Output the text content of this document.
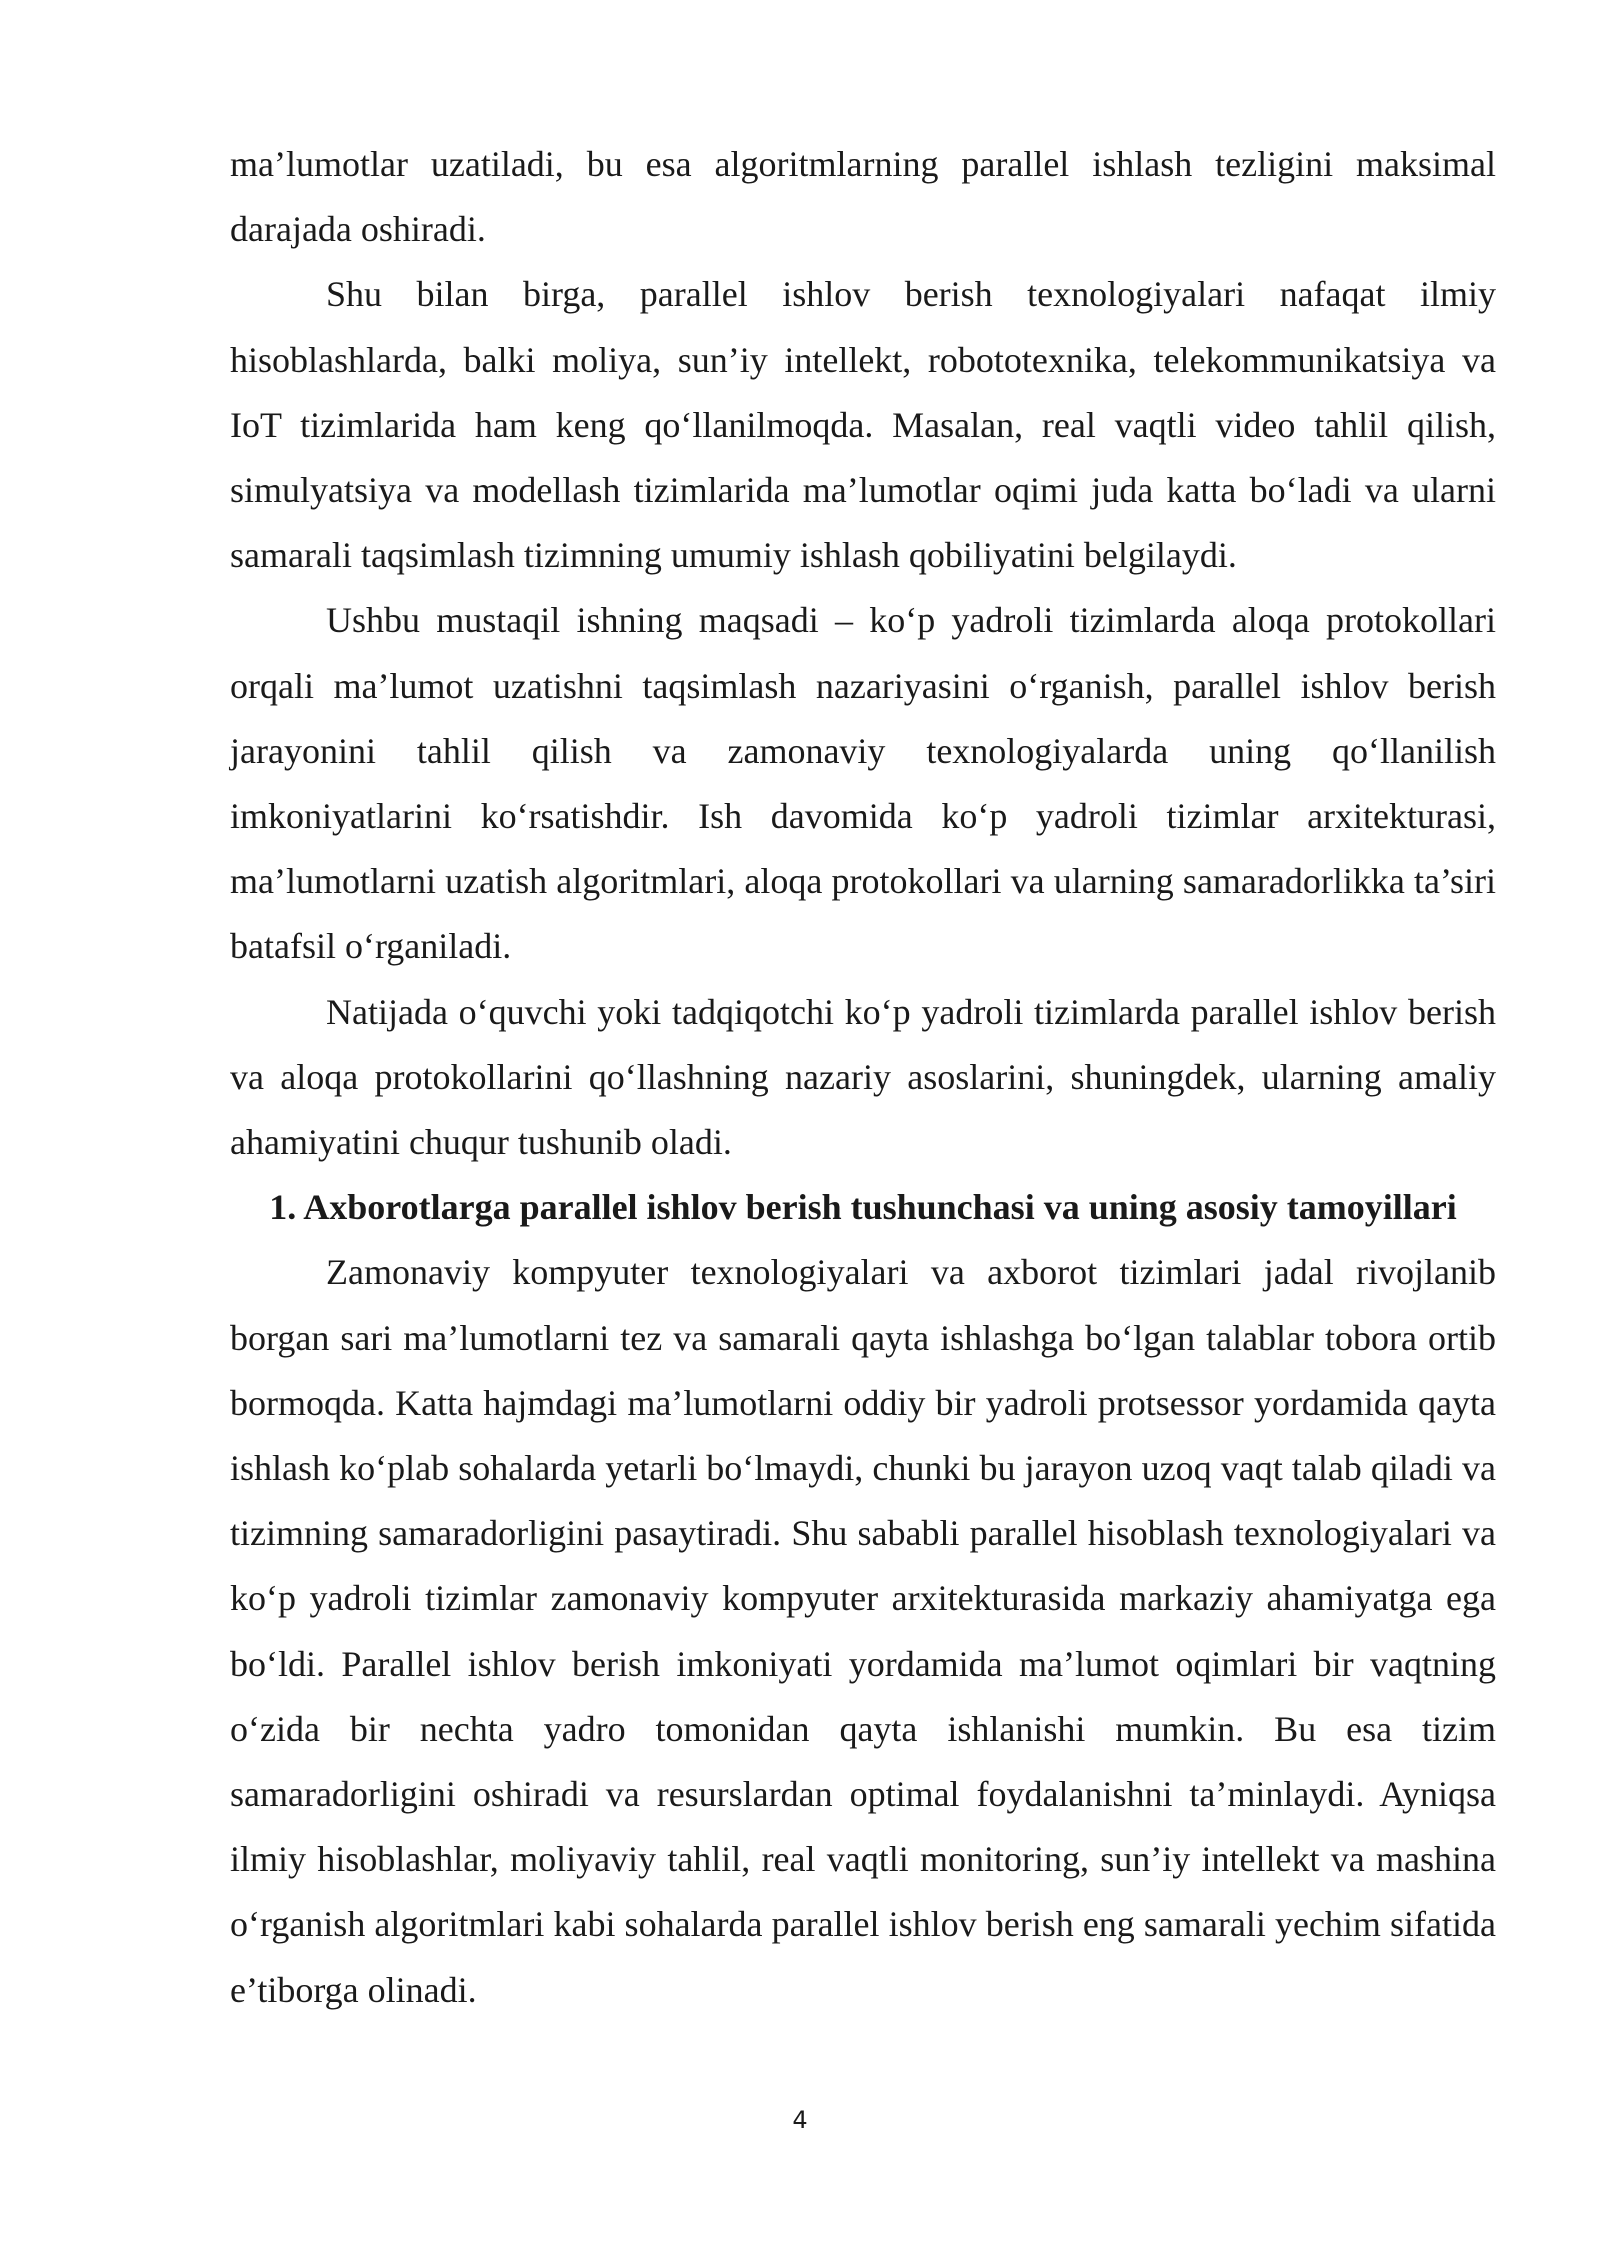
ma’lumotlar uzatiladi, bu esa algoritmlarning parallel ishlash tezligini maksimal darajada oshiradi.

Shu bilan birga, parallel ishlov berish texnologiyalari nafaqat ilmiy hisoblashlarda, balki moliya, sun’iy intellekt, robototexnika, telekommunikatsiya va IoT tizimlarida ham keng qo‘llanilmoqda. Masalan, real vaqtli video tahlil qilish, simulyatsiya va modellash tizimlarida ma’lumotlar oqimi juda katta bo‘ladi va ularni samarali taqsimlash tizimning umumiy ishlash qobiliyatini belgilaydi.

Ushbu mustaqil ishning maqsadi – ko‘p yadroli tizimlarda aloqa protokollari orqali ma’lumot uzatishni taqsimlash nazariyasini o‘rganish, parallel ishlov berish jarayonini tahlil qilish va zamonaviy texnologiyalarda uning qo‘llanilish imkoniyatlarini ko‘rsatishdir. Ish davomida ko‘p yadroli tizimlar arxitekturasi, ma’lumotlarni uzatish algoritmlari, aloqa protokollari va ularning samaradorlikka ta’siri batafsil o‘rganiladi.

Natijada o‘quvchi yoki tadqiqotchi ko‘p yadroli tizimlarda parallel ishlov berish va aloqa protokollarini qo‘llashning nazariy asoslarini, shuningdek, ularning amaliy ahamiyatini chuqur tushunib oladi.

1. Axborotlarga parallel ishlov berish tushunchasi va uning asosiy tamoyillari

Zamonaviy kompyuter texnologiyalari va axborot tizimlari jadal rivojlanib borgan sari ma’lumotlarni tez va samarali qayta ishlashga bo‘lgan talablar tobora ortib bormoqda. Katta hajmdagi ma’lumotlarni oddiy bir yadroli protsessor yordamida qayta ishlash ko‘plab sohalarda yetarli bo‘lmaydi, chunki bu jarayon uzoq vaqt talab qiladi va tizimning samaradorligini pasaytiradi. Shu sababli parallel hisoblash texnologiyalari va ko‘p yadroli tizimlar zamonaviy kompyuter arxitekturasida markaziy ahamiyatga ega bo‘ldi. Parallel ishlov berish imkoniyati yordamida ma’lumot oqimlari bir vaqtning o‘zida bir nechta yadro tomonidan qayta ishlanishi mumkin. Bu esa tizim samaradorligini oshiradi va resurslardan optimal foydalanishni ta’minlaydi. Ayniqsa ilmiy hisoblashlar, moliyaviy tahlil, real vaqtli monitoring, sun’iy intellekt va mashina o‘rganish algoritmlari kabi sohalarda parallel ishlov berish eng samarali yechim sifatida e’tiborga olinadi.

4
